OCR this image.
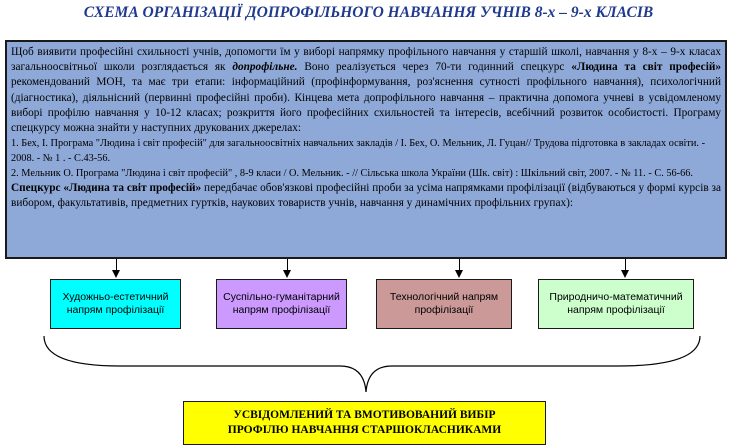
СХЕМА ОРГАНІЗАЦІЇ ДОПРОФІЛЬНОГО НАВЧАННЯ УЧНІВ 8-х – 9-х КЛАСІВ

Щоб виявити професійні схильності учнів, допомогти їм у виборі напрямку профільного навчання у старшій школі, навчання у 8-х – 9-х класах загальноосвітньої школи розглядається як допрофільне. Воно реалізується через 70-ти годинний спецкурс «Людина та світ професій» рекомендований МОН, та має три етапи: інформаційний (профінформування, роз'яснення сутності профільного навчання), психологічний (діагностика), діяльнісний (первинні професійні проби). Кінцева мета допрофільного навчання – практична допомога учневі в усвідомленому виборі профілю навчання у 10-12 класах; розкриття його професійних схильностей та інтересів, всебічний розвиток особистості. Програму спецкурсу можна знайти у наступних друкованих джерелах:

1. Бех, І. Програма "Людина і світ професій" для загальноосвітніх навчальних закладів / І. Бех, О. Мельник, Л. Гуцан// Трудова підготовка в закладах освіти. - 2008. - № 1 . - С.43-56.

2. Мельник О. Програма "Людина і світ професій" , 8-9 класи / О. Мельник. - // Сільська школа України (Шк. світ) : Шкільний світ, 2007. - № 11. - С. 56-66.

Спецкурс «Людина та світ професій» передбачає обов'язкові професійні проби за усіма напрямками профілізації (відбуваються у формі курсів за вибором, факультативів, предметних гуртків, наукових товариств учнів, навчання у динамічних профільних групах):

Художньо-естетичний напрям профілізації
Суспільно-гуманітарний напрям профілізації
Технологічний напрям профілізації
Природничо-математичний напрям профілізації
УСВІДОМЛЕНИЙ ТА ВМОТИВОВАНИЙ ВИБІР
ПРОФІЛЮ НАВЧАННЯ СТАРШОКЛАСНИКАМИ
